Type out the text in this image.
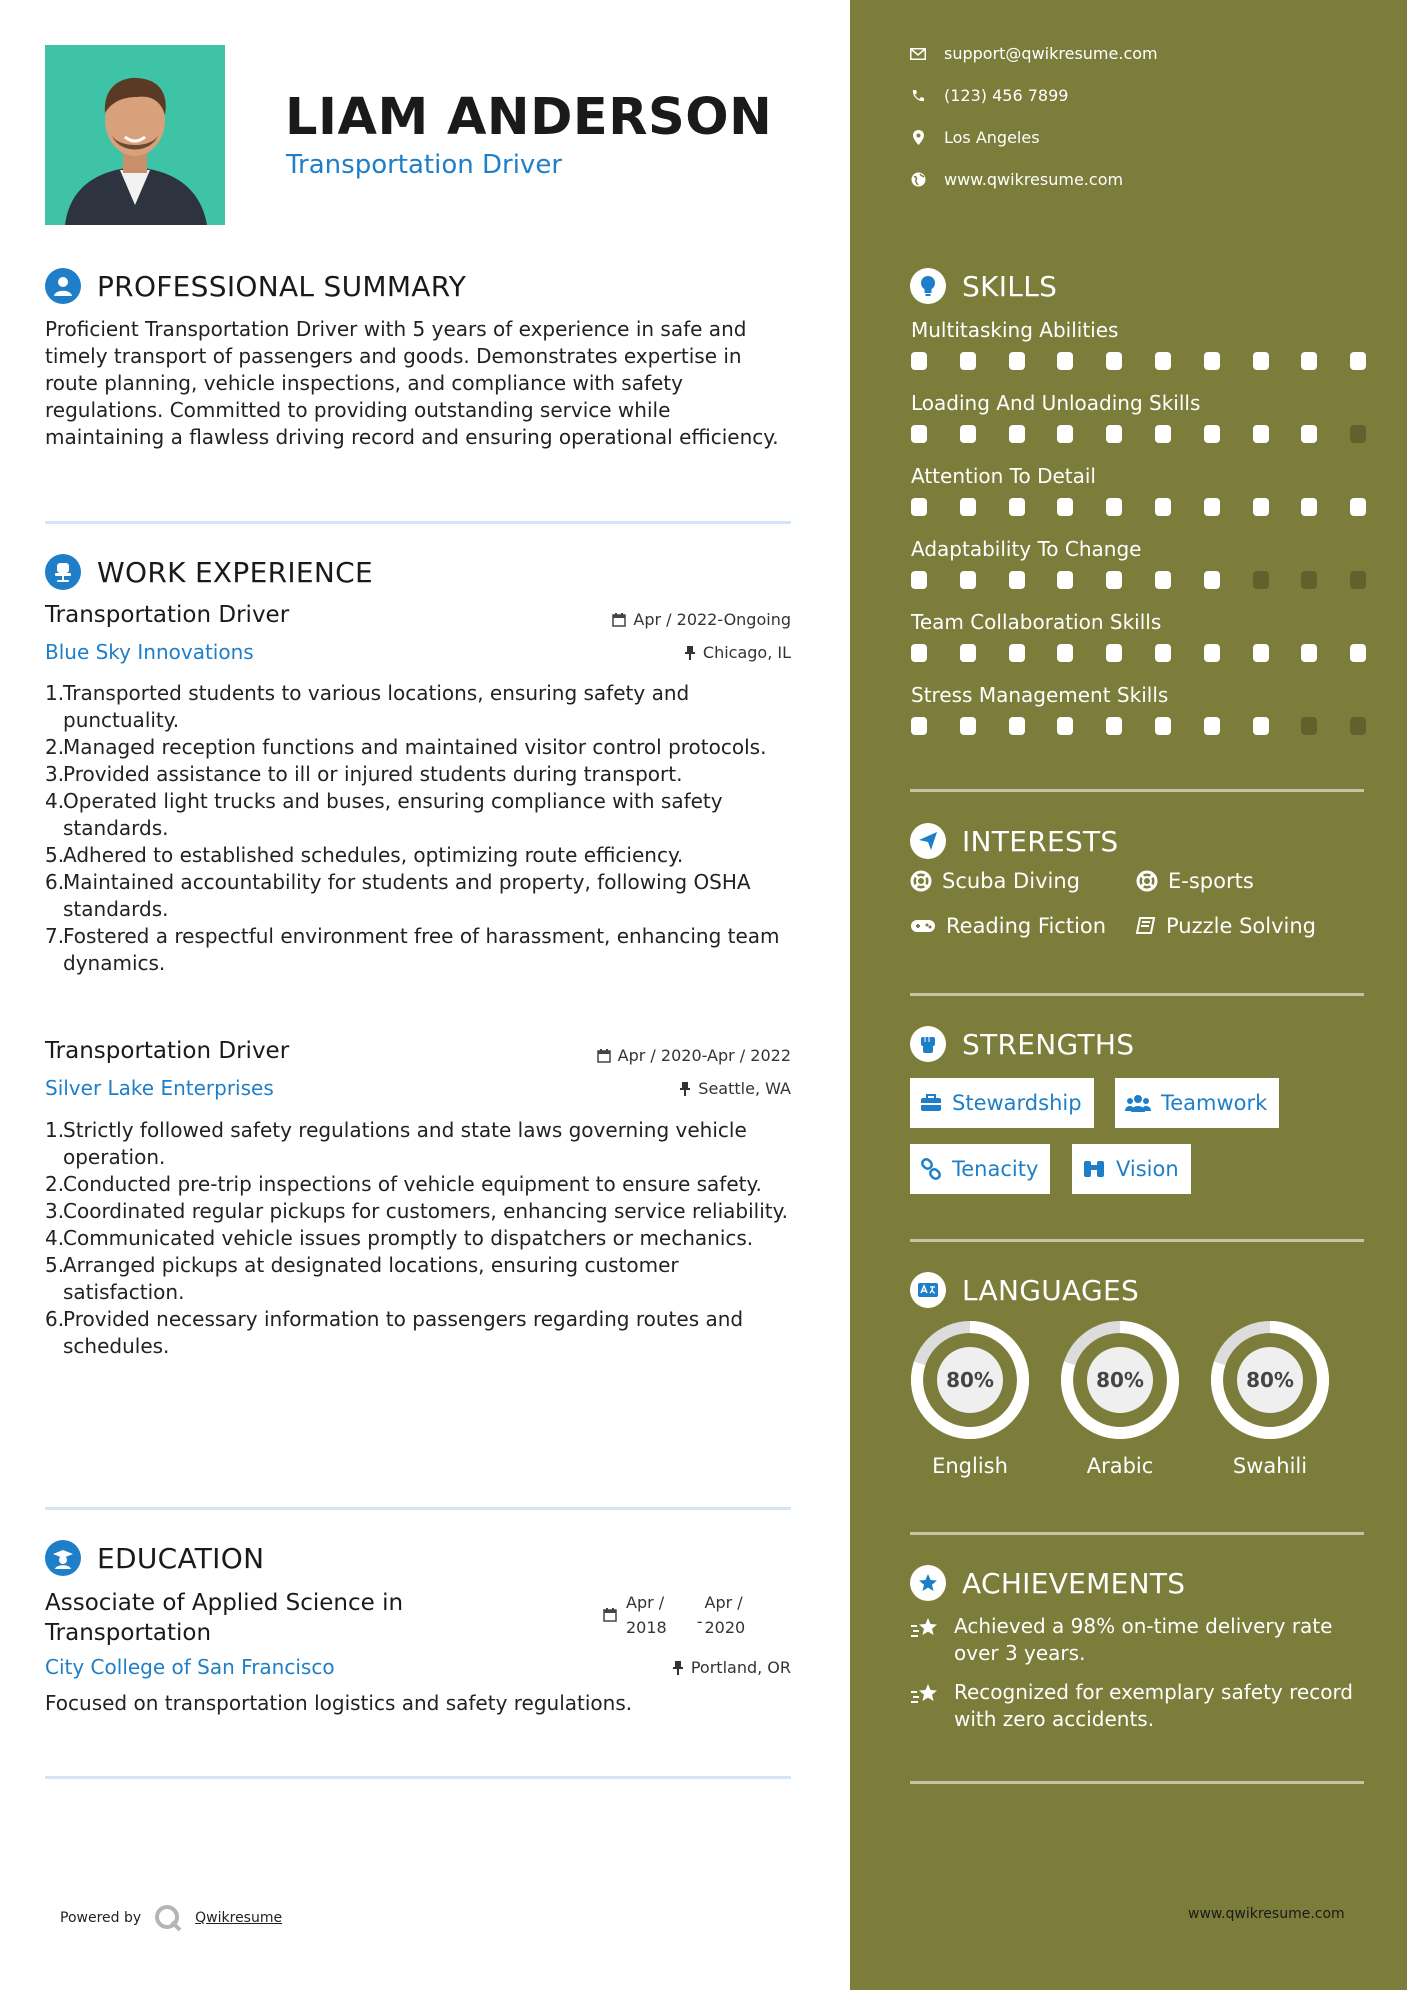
LIAM ANDERSON
Transportation Driver
PROFESSIONAL SUMMARY
Proficient Transportation Driver with 5 years of experience in safe and timely transport of passengers and goods. Demonstrates expertise in route planning, vehicle inspections, and compliance with safety regulations. Committed to providing outstanding service while maintaining a flawless driving record and ensuring operational efficiency.
WORK EXPERIENCE
Transportation Driver	Apr / 2022-Ongoing
Blue Sky Innovations	Chicago, IL
1.
Transported students to various locations, ensuring safety and punctuality.
2.
Managed reception functions and maintained visitor control protocols.
3.
Provided assistance to ill or injured students during transport.
4.
Operated light trucks and buses, ensuring compliance with safety standards.
5.
Adhered to established schedules, optimizing route efficiency.
6.
Maintained accountability for students and property, following OSHA standards.
7.
Fostered a respectful environment free of harassment, enhancing team dynamics.
Transportation Driver	Apr / 2020-Apr / 2022
Silver Lake Enterprises	Seattle, WA
1.
Strictly followed safety regulations and state laws governing vehicle operation.
2.
Conducted pre-trip inspections of vehicle equipment to ensure safety.
3.
Coordinated regular pickups for customers, enhancing service reliability.
4.
Communicated vehicle issues promptly to dispatchers or mechanics.
5.
Arranged pickups at designated locations, ensuring customer satisfaction.
6.
Provided necessary information to passengers regarding routes and schedules.
EDUCATION
Associate of Applied Science in
Transportation
Apr /
2018 -
Apr /
2020
City College of San Francisco	Portland, OR
Focused on transportation logistics and safety regulations.
Powered by	Qwikresume
support@qwikresume.com
(123) 456 7899
Los Angeles
www.qwikresume.com
SKILLS
Multitasking Abilities
Loading And Unloading Skills
Attention To Detail
Adaptability To Change
Team Collaboration Skills
Stress Management Skills
INTERESTS
Scuba Diving	E-sports
Reading Fiction	Puzzle Solving
STRENGTHS
Stewardship	Teamwork
Tenacity	Vision
LANGUAGES
80%
English
80%
Arabic
80%
Swahili
ACHIEVEMENTS
Achieved a 98% on-time delivery rate over 3 years.
Recognized for exemplary safety record with zero accidents.
www.qwikresume.com
